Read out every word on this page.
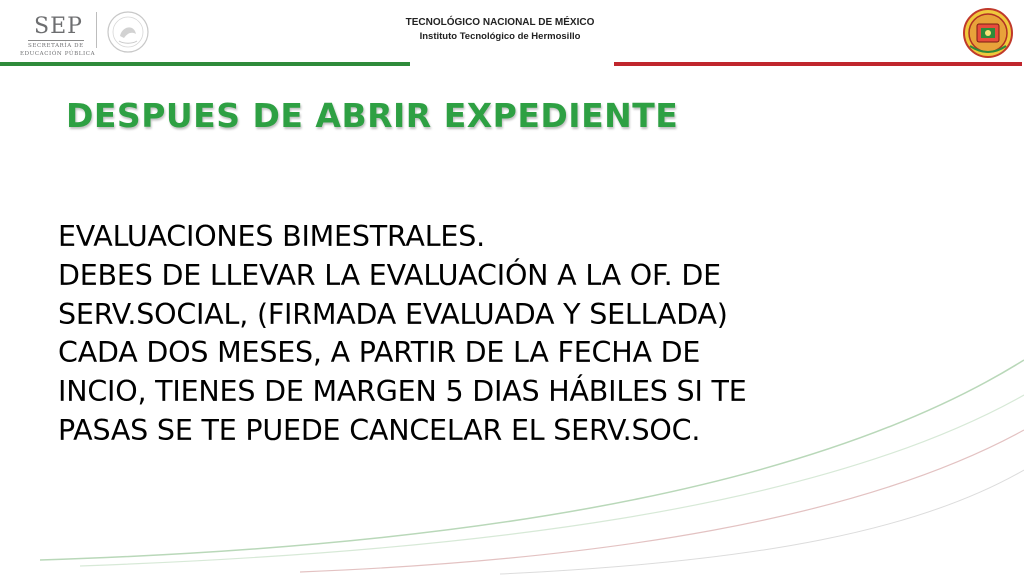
SEP
SECRETARÍA DE
EDUCACIÓN PÚBLICA
TECNOLÓGICO NACIONAL DE MÉXICO
Instituto Tecnológico de Hermosillo
DESPUES DE ABRIR EXPEDIENTE
EVALUACIONES BIMESTRALES.
DEBES DE LLEVAR LA EVALUACIÓN A LA OF. DE
SERV.SOCIAL, (FIRMADA EVALUADA Y SELLADA)
CADA DOS MESES, A PARTIR DE LA FECHA DE
INCIO, TIENES DE MARGEN 5 DIAS HÁBILES SI TE
PASAS SE TE PUEDE CANCELAR EL SERV.SOC.
